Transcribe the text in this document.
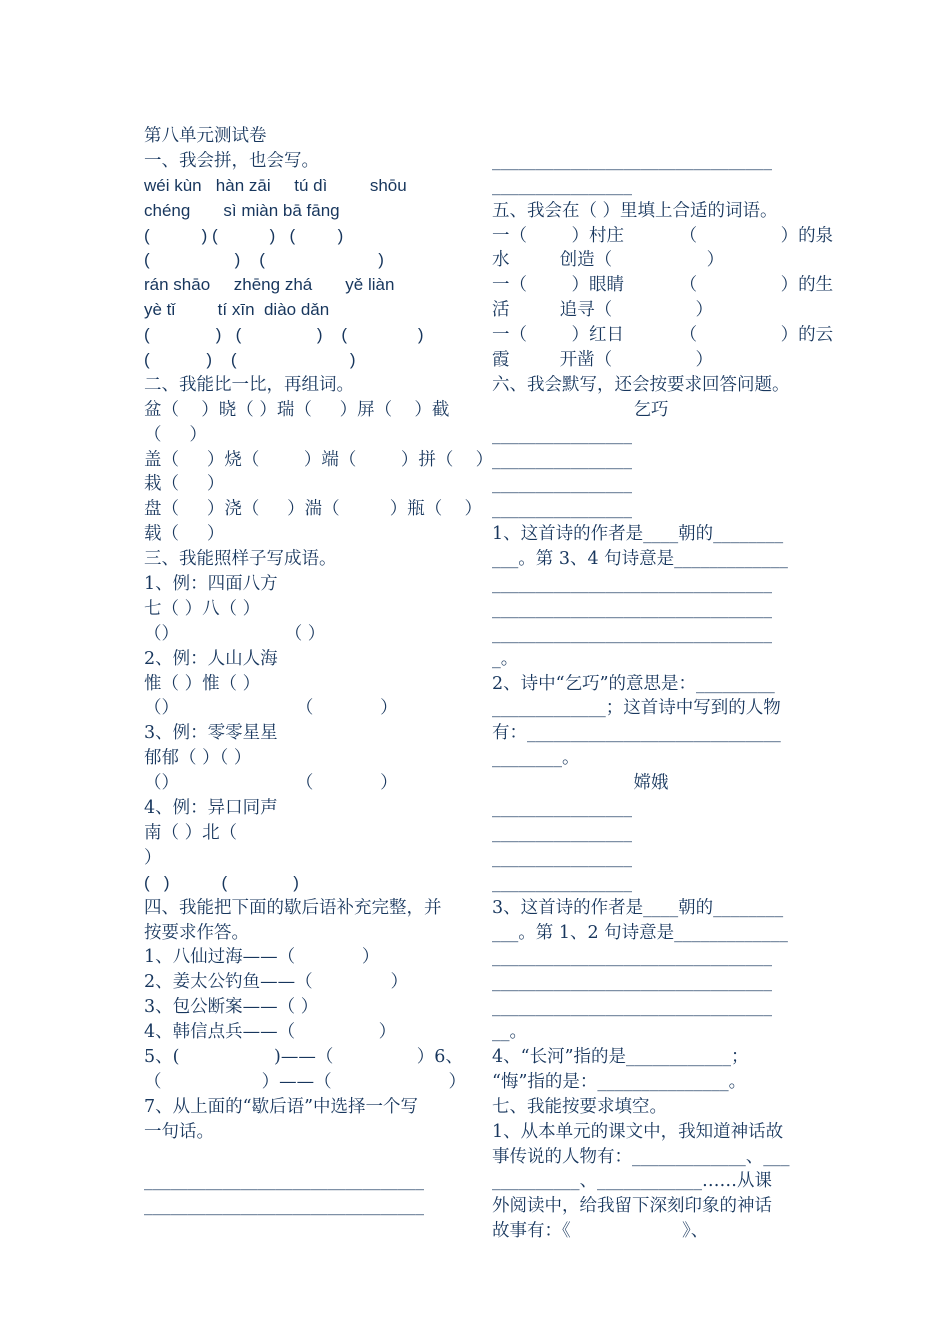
第八单元测试卷
一、我会拼，也会写。
wéi kùn   hàn zāi     tú dì         shōu
chéng       sì miàn bā fāng
(           ) (           )   (         )
(                  )    (                        )
rán shāo     zhēng zhá       yě liàn
yè tǐ         tí xīn  diào dǎn
(              )   (                )    (               )
(            )    (                        )
二、我能比一比，再组词。
盆（    ）晓（ ）瑞（     ）屏（    ）截
（     ）
盖（     ）烧（        ）端（        ）拼（    ）
栽（     ）
盘（     ）浇（     ）湍（         ）瓶（    ）
载（     ）
三、我能照样子写成语。
1、例：四面八方
七（ ）八（ ）
（）                   （ ）
2、例：人山人海
惟（ ）惟（ ）
（）                     （            ）
3、例：零零星星
郁郁（ ）（ ）
（）                     （            ）
4、例：异口同声
南（ ）北（
）
(   )           (              )
四、我能把下面的歇后语补充完整，并
按要求作答。
1、八仙过海——（            ）
2、姜太公钓鱼——（              ）
3、包公断案——（ ）
4、韩信点兵——（               ）
5、(                 )——（               ）6、
（                  ）——（                     ）
7、从上面的“歇后语”中选择一个写
一句话。
________________________________
________________________________
________________________________
________________
五、我会在（ ）里填上合适的词语。
一（        ）村庄          （               ）的泉
水         创造（                 ）
一（        ）眼睛          （               ）的生
活         追寻（               ）
一（        ）红日          （               ）的云
霞         开凿（               ）
六、我会默写，还会按要求回答问题。
乞巧
________________
________________
________________
________________
1、这首诗的作者是____朝的________
___。第 3、4 句诗意是_____________
________________________________
________________________________
________________________________
_。
2、诗中“乞巧”的意思是：_________
_____________；这首诗中写到的人物
有：_____________________________
________。
嫦娥
________________
________________
________________
________________
3、这首诗的作者是____朝的________
___。第 1、2 句诗意是_____________
________________________________
________________________________
________________________________
__。
4、“长河”指的是____________；
“悔”指的是：_______________。
七、我能按要求填空。
1、从本单元的课文中，我知道神话故
事传说的人物有：_____________、___
__________、____________……从课
外阅读中，给我留下深刻印象的神话
故事有：《                    》、
